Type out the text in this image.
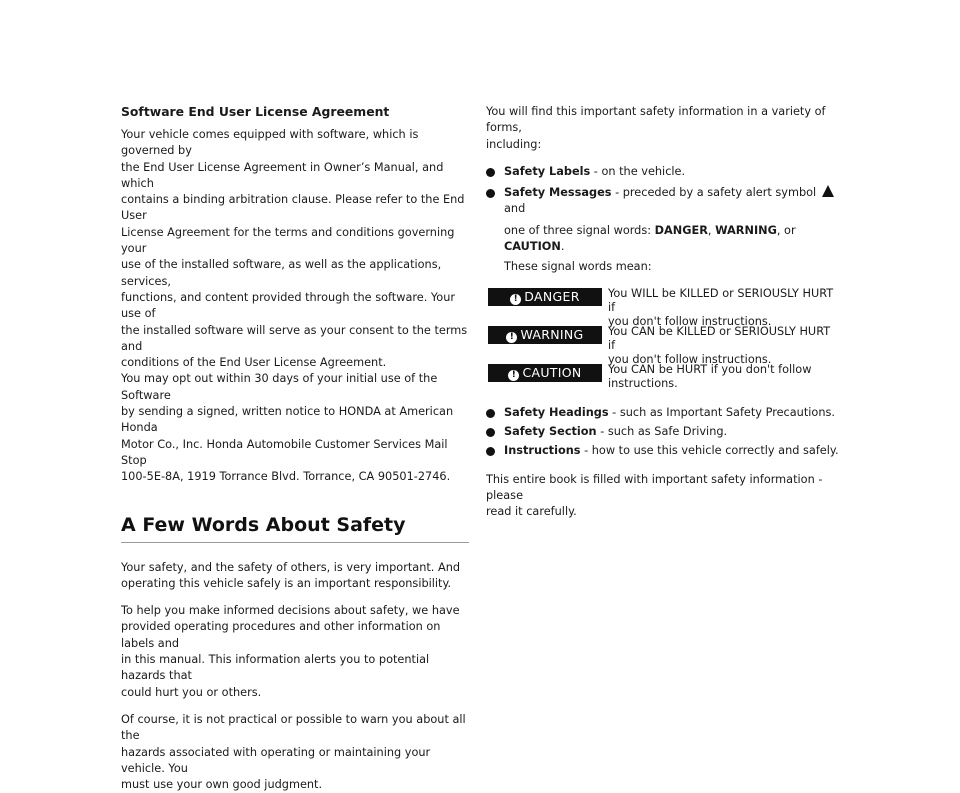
Software End User License Agreement

Your vehicle comes equipped with software, which is governed by

the End User License Agreement in Owner’s Manual, and which

contains a binding arbitration clause. Please refer to the End User

License Agreement for the terms and conditions governing your

use of the installed software, as well as the applications, services,

functions, and content provided through the software. Your use of

the installed software will serve as your consent to the terms and

conditions of the End User License Agreement.

You may opt out within 30 days of your initial use of the Software

by sending a signed, written notice to HONDA at American Honda

Motor Co., Inc. Honda Automobile Customer Services Mail Stop

100-5E-8A, 1919 Torrance Blvd. Torrance, CA 90501-2746.

A Few Words About Safety

Your safety, and the safety of others, is very important. And

operating this vehicle safely is an important responsibility.

To help you make informed decisions about safety, we have

provided operating procedures and other information on labels and

in this manual. This information alerts you to potential hazards that

could hurt you or others.

Of course, it is not practical or possible to warn you about all the

hazards associated with operating or maintaining your vehicle. You

must use your own good judgment.

You will find this important safety information in a variety of forms,

including:

Safety Labels - on the vehicle.
Safety Messages - preceded by a safety alert symbol  and
one of three signal words: DANGER, WARNING, or CAUTION.
These signal words mean:
! DANGER	You WILL be KILLED or SERIOUSLY HURT if
you don't follow instructions.
! WARNING	You CAN be KILLED or SERIOUSLY HURT if
you don't follow instructions.
! CAUTION	You CAN be HURT if you don't follow
instructions.
Safety Headings - such as Important Safety Precautions.
Safety Section - such as Safe Driving.
Instructions - how to use this vehicle correctly and safely.

This entire book is filled with important safety information - please

read it carefully.
